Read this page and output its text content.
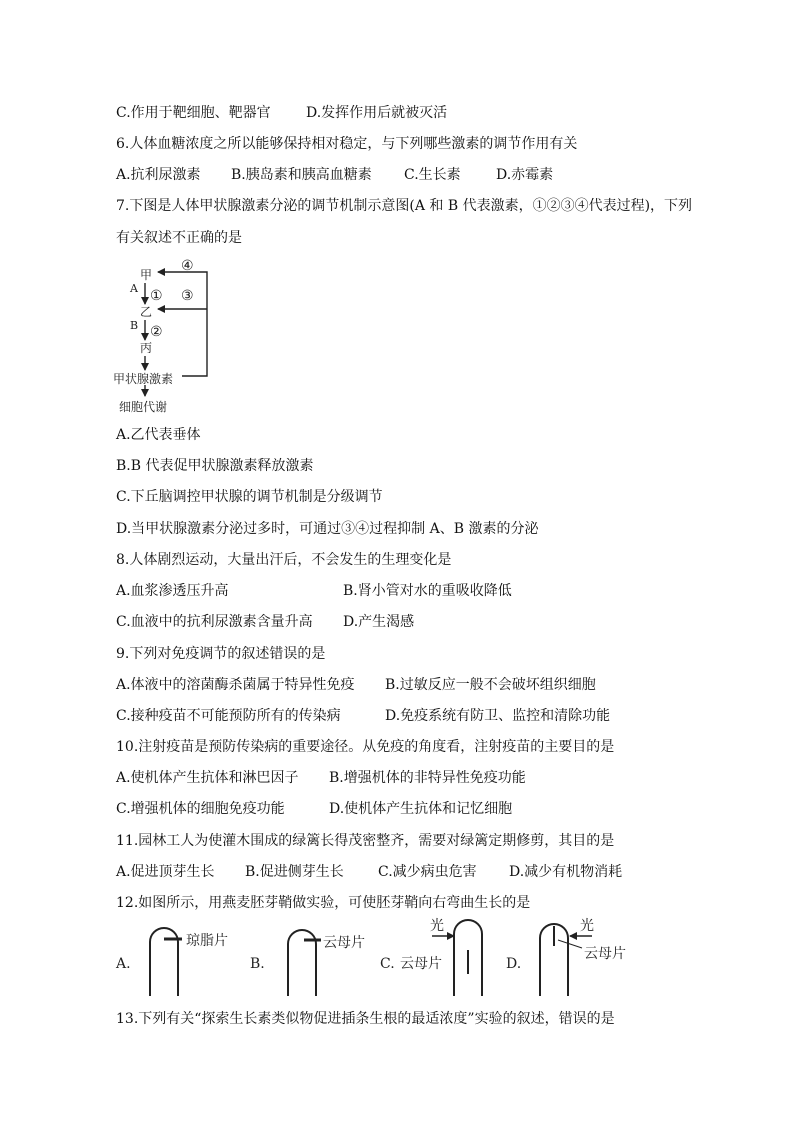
C.作用于靶细胞、靶器官	D.发挥作用后就被灭活
6.人体血糖浓度之所以能够保持相对稳定，与下列哪些激素的调节作用有关
A.抗利尿激素 B.胰岛素和胰高血糖素 C.生长素	D.赤霉素
7.下图是人体甲状腺激素分泌的调节机制示意图(A 和 B 代表激素，①②③④代表过程)，下列
有关叙述不正确的是
甲
乙
丙
A
B
①
②
③
④
甲状腺激素
细胞代谢
A.乙代表垂体
B.B 代表促甲状腺激素释放激素
C.下丘脑调控甲状腺的调节机制是分级调节
D.当甲状腺激素分泌过多时，可通过③④过程抑制 A、B 激素的分泌
8.人体剧烈运动，大量出汗后，不会发生的生理变化是
A.血浆渗透压升高	B.肾小管对水的重吸收降低
C.血液中的抗利尿激素含量升高 D.产生渴感
9.下列对免疫调节的叙述错误的是
A.体液中的溶菌酶杀菌属于特异性免疫 B.过敏反应一般不会破坏组织细胞
C.接种疫苗不可能预防所有的传染病	D.免疫系统有防卫、监控和清除功能
10.注射疫苗是预防传染病的重要途径。从免疫的角度看，注射疫苗的主要目的是
A.使机体产生抗体和淋巴因子 B.增强机体的非特异性免疫功能
C.增强机体的细胞免疫功能	D.使机体产生抗体和记忆细胞
11.园林工人为使灌木围成的绿篱长得茂密整齐，需要对绿篱定期修剪，其目的是
A.促进顶芽生长 B.促进侧芽生长 C.减少病虫危害 D.减少有机物消耗
12.如图所示，用燕麦胚芽鞘做实验，可使胚芽鞘向右弯曲生长的是
A.
琼脂片
B.
云母片
C. 云母片
光
D.
光
云母片
13.下列有关“探索生长素类似物促进插条生根的最适浓度”实验的叙述，错误的是
